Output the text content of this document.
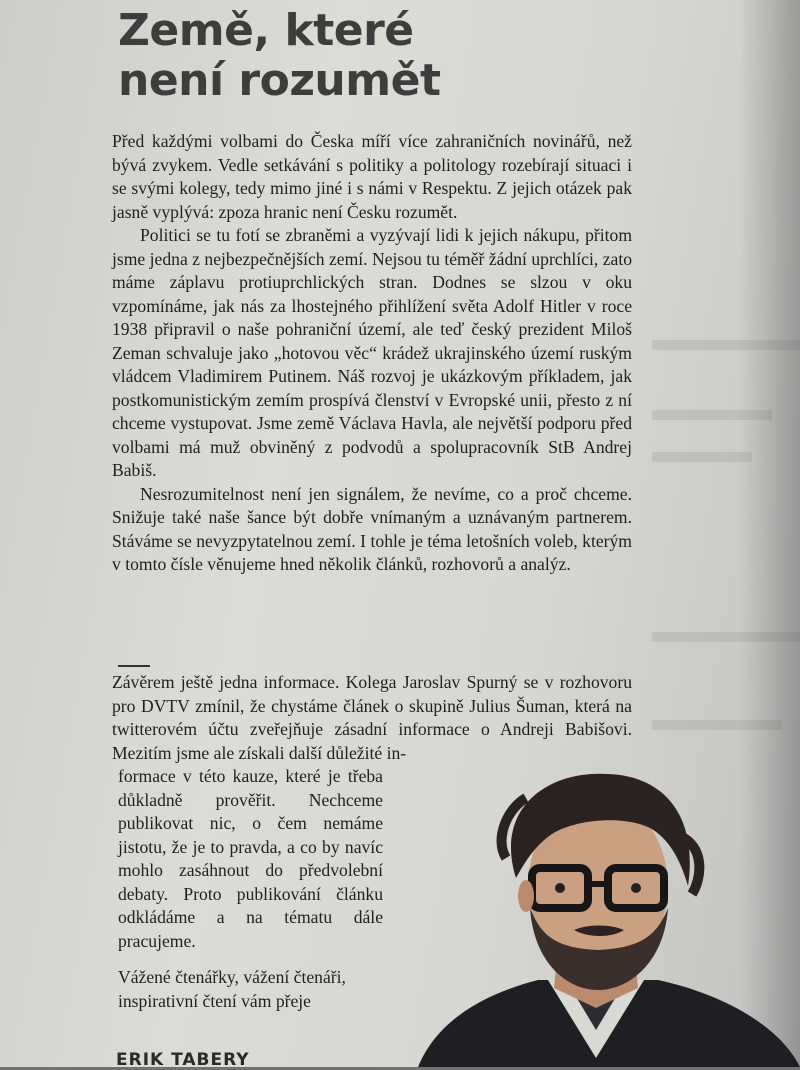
Země, které
není rozumět

Před každými volbami do Česka míří více zahraničních novinářů, než bývá zvykem. Vedle setkávání s politiky a politology rozebírají situaci i se svými kolegy, tedy mimo jiné i s námi v Respektu. Z jejich otázek pak jasně vyplývá: zpoza hranic není Česku rozumět.

Politici se tu fotí se zbraněmi a vyzývají lidi k jejich nákupu, přitom jsme jedna z nejbezpečnějších zemí. Nejsou tu téměř žádní uprchlíci, zato máme záplavu protiuprchlických stran. Dodnes se slzou v oku vzpomínáme, jak nás za lhostejného přihlížení světa Adolf Hitler v roce 1938 připravil o naše pohraniční území, ale teď český prezident Miloš Zeman schvaluje jako „hotovou věc“ krádež ukrajinského území ruským vládcem Vladimirem Putinem. Náš rozvoj je ukázkovým příkladem, jak postkomunistickým zemím prospívá členství v Evropské unii, přesto z ní chceme vystupovat. Jsme země Václava Havla, ale největší podporu před volbami má muž obviněný z podvodů a spolupracovník StB Andrej Babiš.

Nesrozumitelnost není jen signálem, že nevíme, co a proč chceme. Snižuje také naše šance být dobře vnímaným a uznávaným partnerem. Stáváme se nevyzpytatelnou zemí. I tohle je téma letošních voleb, kterým v tomto čísle věnujeme hned několik článků, rozhovorů a analýz.

Závěrem ještě jedna informace. Kolega Jaroslav Spurný se v rozhovoru pro DVTV zmínil, že chystáme článek o skupině Julius Šuman, která na twitterovém účtu zveřejňuje zásadní informace o Andreji Babišovi. Mezitím jsme ale získali další důležité in-

formace v této kauze, které je třeba důkladně prověřit. Nechceme publikovat nic, o čem nemáme jistotu, že je to pravda, a co by navíc mohlo zasáhnout do předvolební debaty. Proto publikování článku odkládáme a na tématu dále pracujeme.

Vážené čtenářky, vážení čtenáři,
inspirativní čtení vám přeje
ERIK TABERY
